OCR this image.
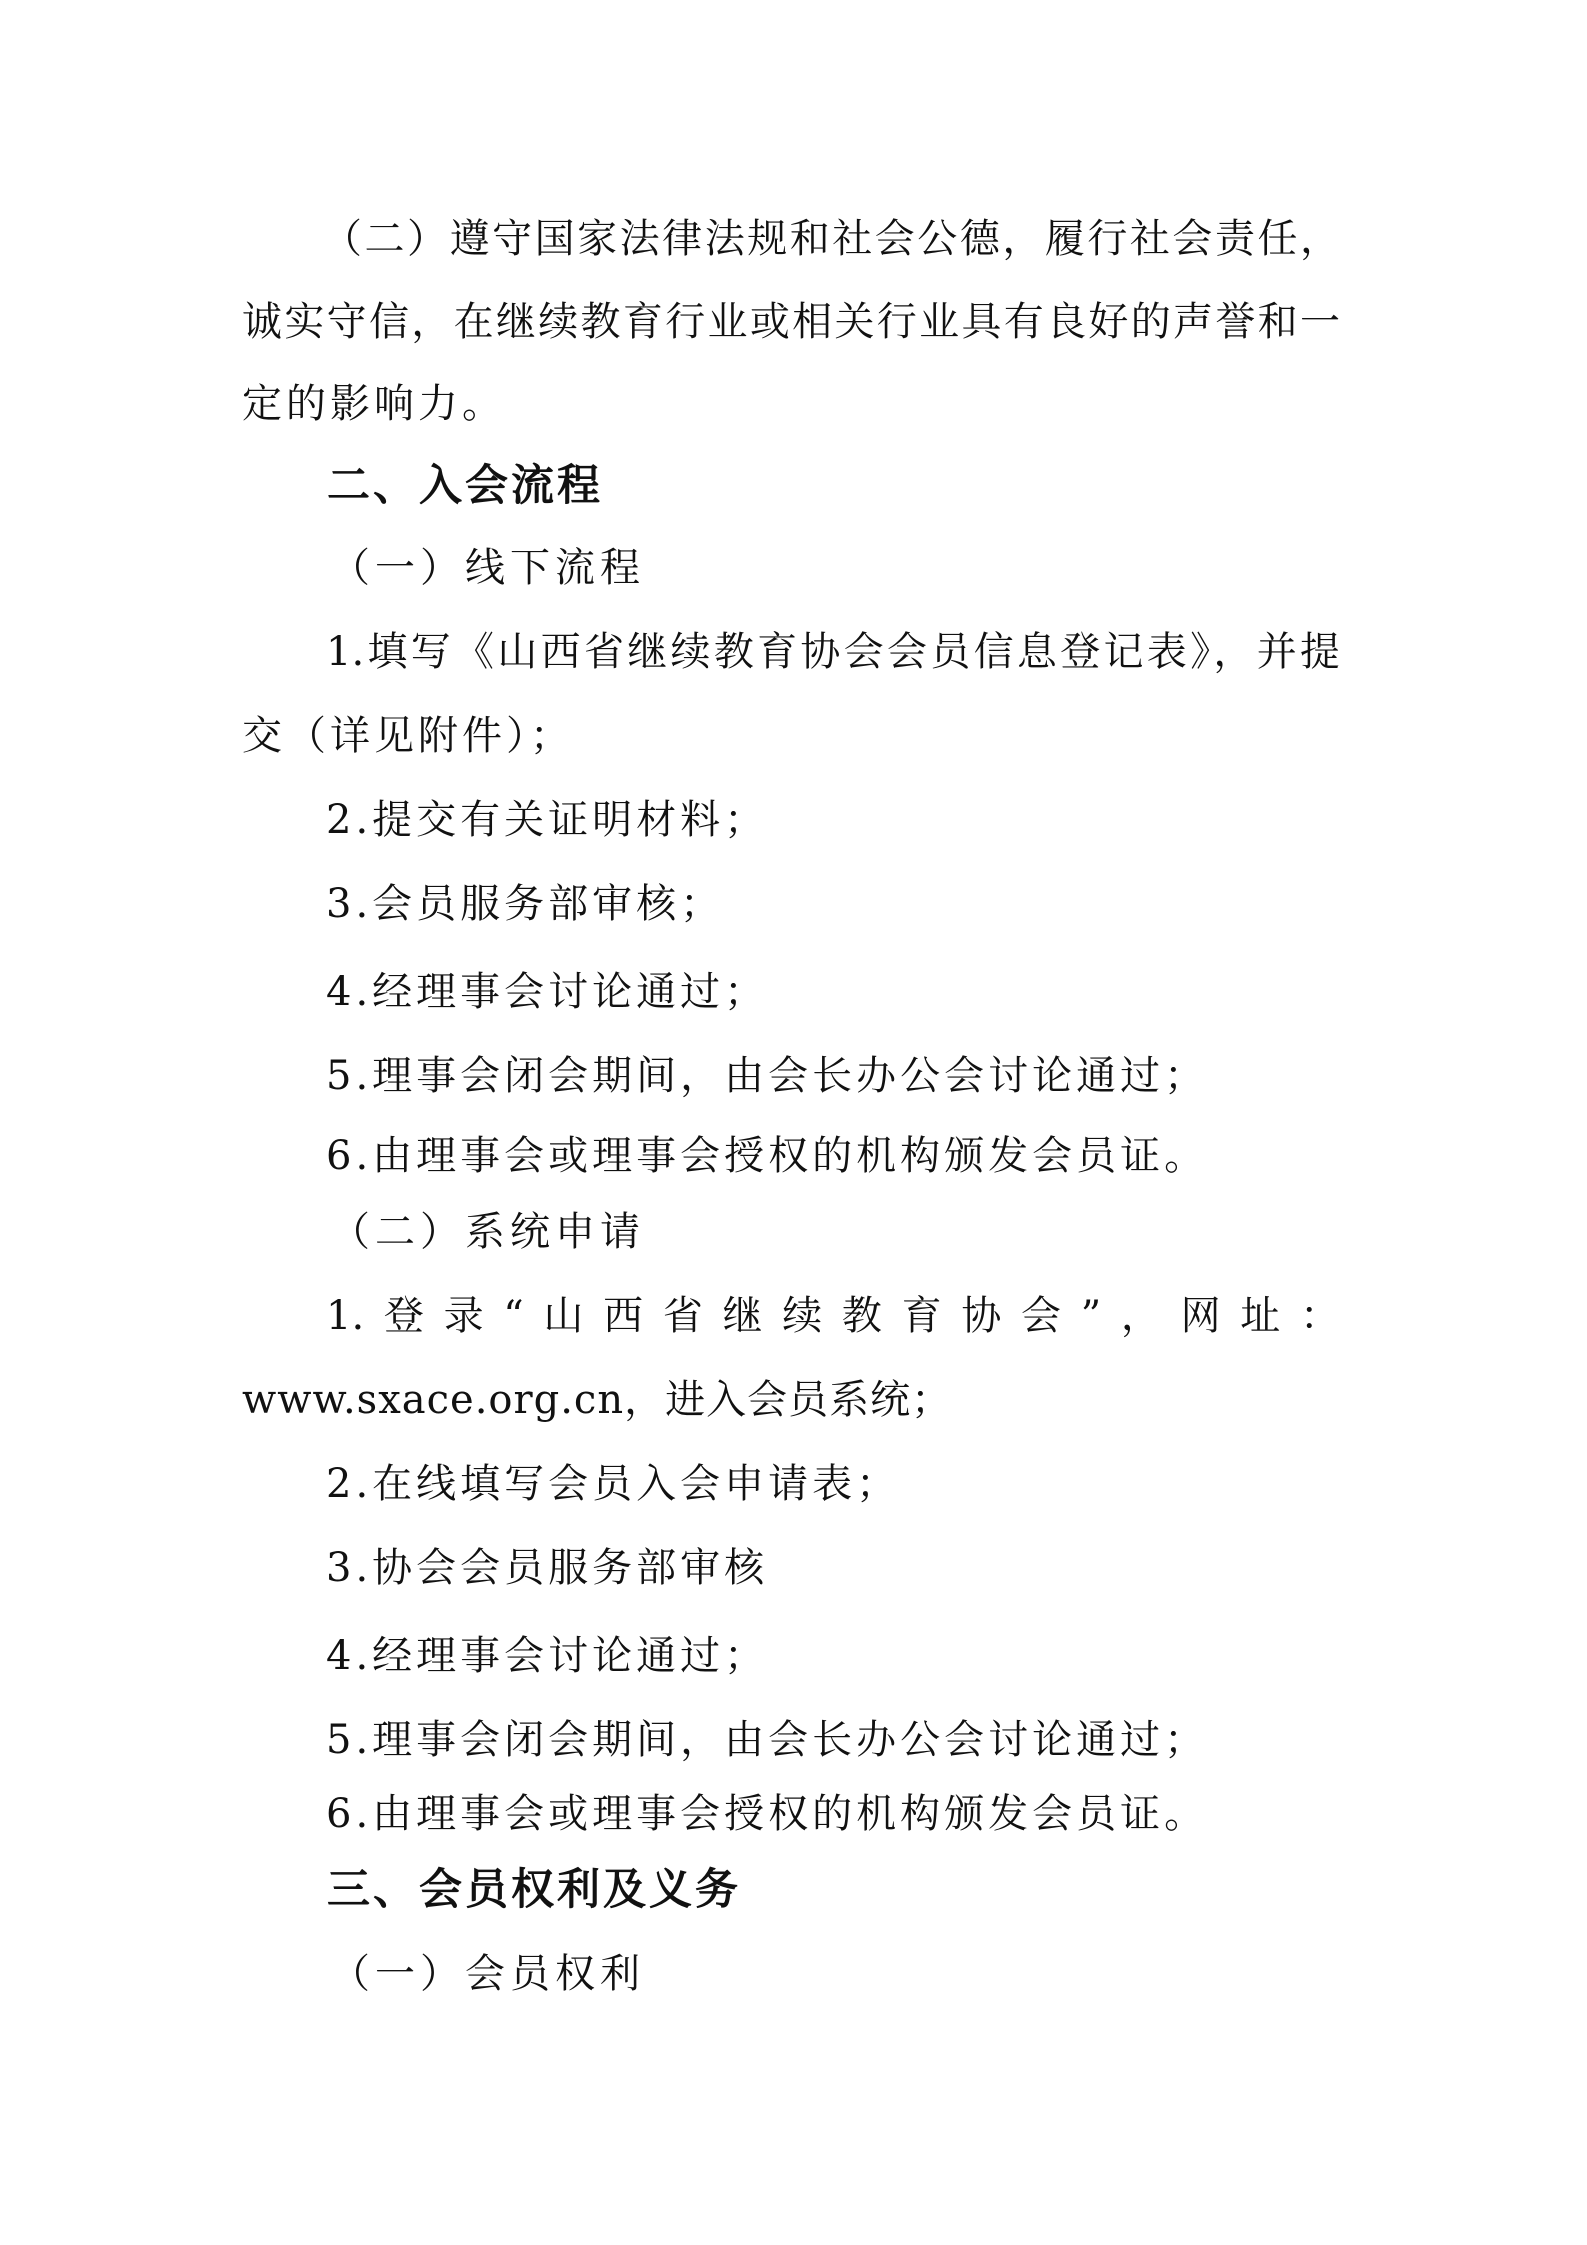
（二）遵守国家法律法规和社会公德，履行社会责任，
诚实守信，在继续教育行业或相关行业具有良好的声誉和一
定的影响力。
二、入会流程
（一）线下流程
1.填写《山西省继续教育协会会员信息登记表》，并提
交（详见附件）；
2.提交有关证明材料；
3.会员服务部审核；
4.经理事会讨论通过；
5.理事会闭会期间，由会长办公会讨论通过；
6.由理事会或理事会授权的机构颁发会员证。
（二）系统申请
1.登录“山西省继续教育协会”，网址：
www.sxace.org.cn，进入会员系统；
2.在线填写会员入会申请表；
3.协会会员服务部审核
4.经理事会讨论通过；
5.理事会闭会期间，由会长办公会讨论通过；
6.由理事会或理事会授权的机构颁发会员证。
三、会员权利及义务
（一）会员权利
